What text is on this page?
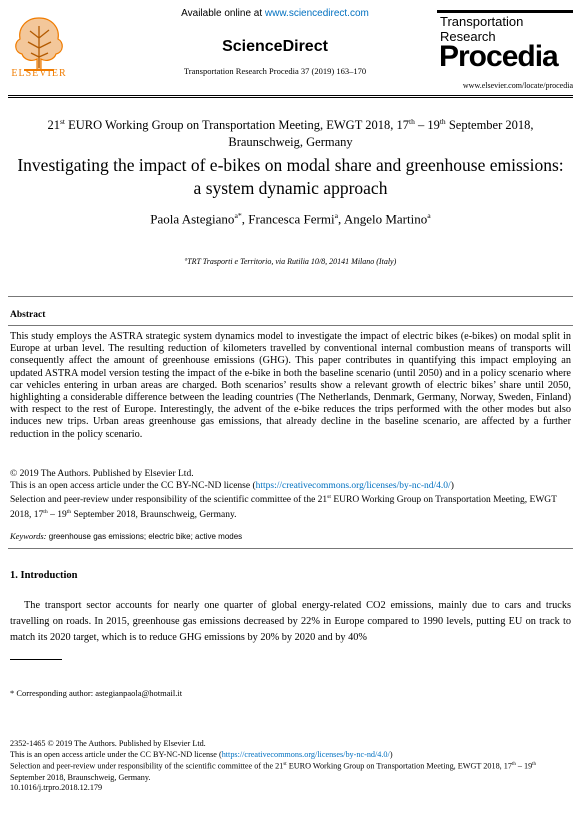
ELSEVIER
Available online at www.sciencedirect.com
ScienceDirect
Transportation Research Procedia 37 (2019) 163–170
Transportation
Research
Procedia
www.elsevier.com/locate/procedia
21st EURO Working Group on Transportation Meeting, EWGT 2018, 17th – 19th September 2018,
Braunschweig, Germany
Investigating the impact of e-bikes on modal share and greenhouse emissions: a system dynamic approach
Paola Astegiano$^{a*}$, Francesca Fermi$^a$, Angelo Martino$^a$
$^a$TRT Trasporti e Territorio, via Rutilia 10/8, 20141 Milano (Italy)
Abstract
This study employs the ASTRA strategic system dynamics model to investigate the impact of electric bikes (e-bikes) on modal split in Europe at urban level. The resulting reduction of kilometers travelled by conventional internal combustion means of transports will consequently affect the amount of greenhouse emissions (GHG). This paper contributes in quantifying this impact employing an updated ASTRA model version testing the impact of the e-bike in both the baseline scenario (until 2050) and in a policy scenario where car vehicles entering in urban areas are charged. Both scenarios’ results show a relevant growth of electric bikes’ share until 2050, highlighting a considerable difference between the leading countries (The Netherlands, Denmark, Germany, Norway, Sweden, Finland) with respect to the rest of Europe. Interestingly, the advent of the e-bike reduces the trips performed with the other modes but also induces new trips. Urban areas greenhouse gas emissions, that already decline in the baseline scenario, are affected by a further reduction in the policy scenario.
© 2019 The Authors. Published by Elsevier Ltd.
This is an open access article under the CC BY-NC-ND license (https://creativecommons.org/licenses/by-nc-nd/4.0/)
Selection and peer-review under responsibility of the scientific committee of the 21st EURO Working Group on Transportation Meeting, EWGT 2018, 17th – 19th September 2018, Braunschweig, Germany.
Keywords: greenhouse gas emissions; electric bike; active modes
1. Introduction
The transport sector accounts for nearly one quarter of global energy-related CO2 emissions, mainly due to cars and trucks travelling on roads. In 2015, greenhouse gas emissions decreased by 22% in Europe compared to 1990 levels, putting EU on track to match its 2020 target, which is to reduce GHG emissions by 20% by 2020 and by 40%
* Corresponding author: astegianpaola@hotmail.it
2352-1465 © 2019 The Authors. Published by Elsevier Ltd.
This is an open access article under the CC BY-NC-ND license (https://creativecommons.org/licenses/by-nc-nd/4.0/)
Selection and peer-review under responsibility of the scientific committee of the 21st EURO Working Group on Transportation Meeting, EWGT 2018, 17th – 19th September 2018, Braunschweig, Germany.
10.1016/j.trpro.2018.12.179
